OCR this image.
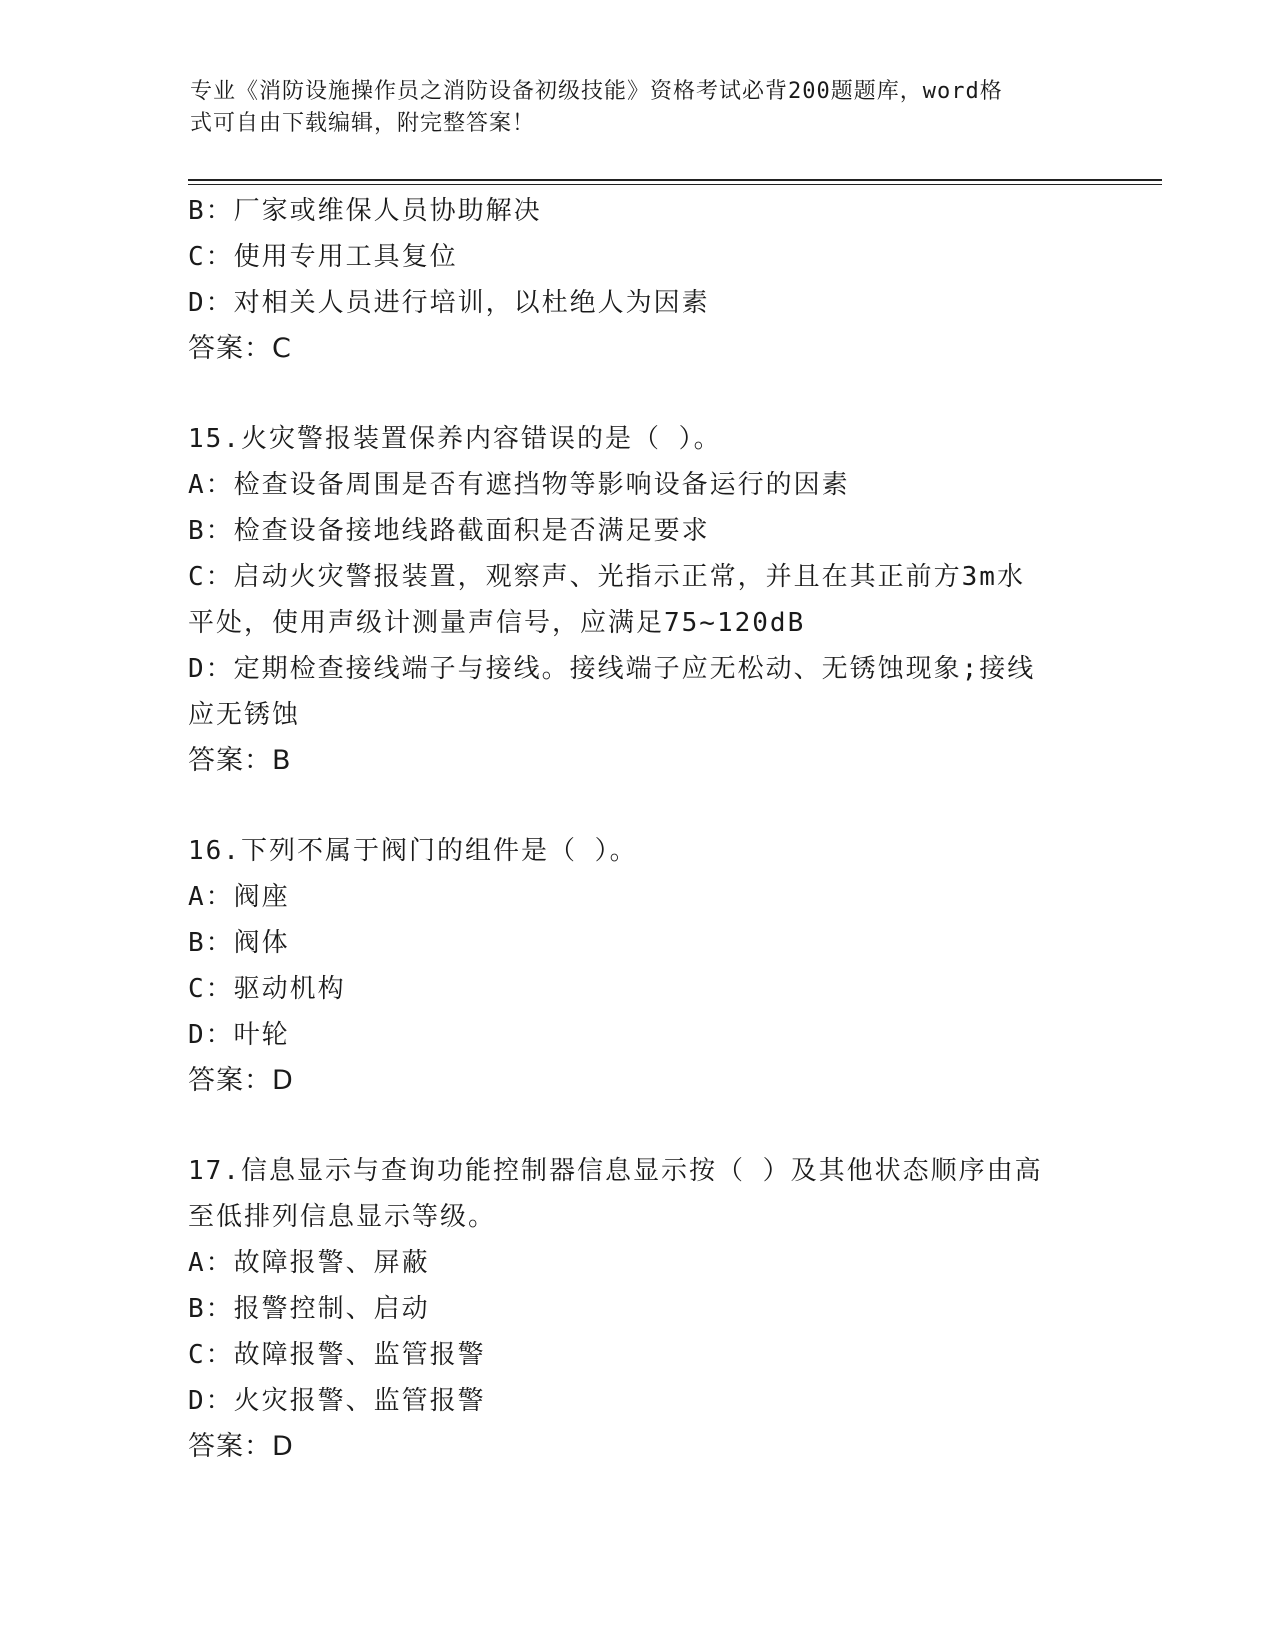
专业《消防设施操作员之消防设备初级技能》资格考试必背200题题库，word格
式可自由下载编辑，附完整答案！
B：厂家或维保人员协助解决
C：使用专用工具复位
D：对相关人员进行培训，以杜绝人为因素
答案：C
15.火灾警报装置保养内容错误的是（ ）。
A：检查设备周围是否有遮挡物等影响设备运行的因素
B：检查设备接地线路截面积是否满足要求
C：启动火灾警报装置，观察声、光指示正常，并且在其正前方3m水
平处，使用声级计测量声信号，应满足75~120dB
D：定期检查接线端子与接线。接线端子应无松动、无锈蚀现象;接线
应无锈蚀
答案：B
16.下列不属于阀门的组件是（ ）。
A：阀座
B：阀体
C：驱动机构
D：叶轮
答案：D
17.信息显示与查询功能控制器信息显示按（ ）及其他状态顺序由高
至低排列信息显示等级。
A：故障报警、屏蔽
B：报警控制、启动
C：故障报警、监管报警
D：火灾报警、监管报警
答案：D
